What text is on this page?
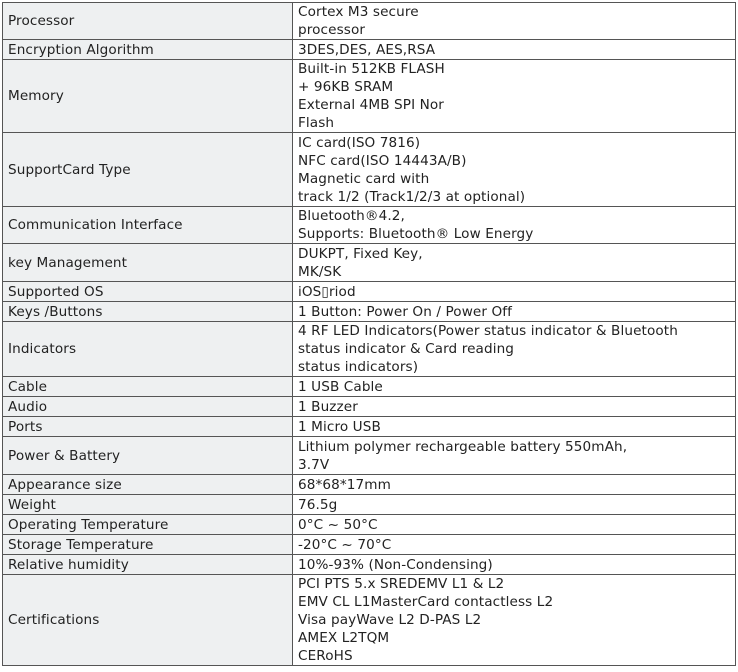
Processor	Cortex M3 secure
processor
Encryption Algorithm	3DES,DES, AES,RSA
Memory	Built-in 512KB FLASH
+ 96KB SRAM
External 4MB SPI Nor
Flash
SupportCard Type	IC card(ISO 7816)
NFC card(ISO 14443A/B)
Magnetic card with
track 1/2 (Track1/2/3 at optional)
Communication Interface	Bluetooth®4.2,
Supports: Bluetooth® Low Energy
key Management	DUKPT, Fixed Key,
MK/SK
Supported OS	iOS▯riod
Keys /Buttons	1 Button: Power On / Power Off
Indicators	4 RF LED Indicators(Power status indicator & Bluetooth
status indicator & Card reading
status indicators)
Cable	1 USB Cable
Audio	1 Buzzer
Ports	1 Micro USB
Power & Battery	Lithium polymer rechargeable battery 550mAh,
3.7V
Appearance size	68*68*17mm
Weight	76.5g
Operating Temperature	0°C ~ 50°C
Storage Temperature	-20°C ~ 70°C
Relative humidity	10%-93% (Non-Condensing)
Certifications	PCI PTS 5.x SREDEMV L1 & L2
EMV CL L1MasterCard contactless L2
Visa payWave L2 D-PAS L2
AMEX L2TQM
CERoHS
